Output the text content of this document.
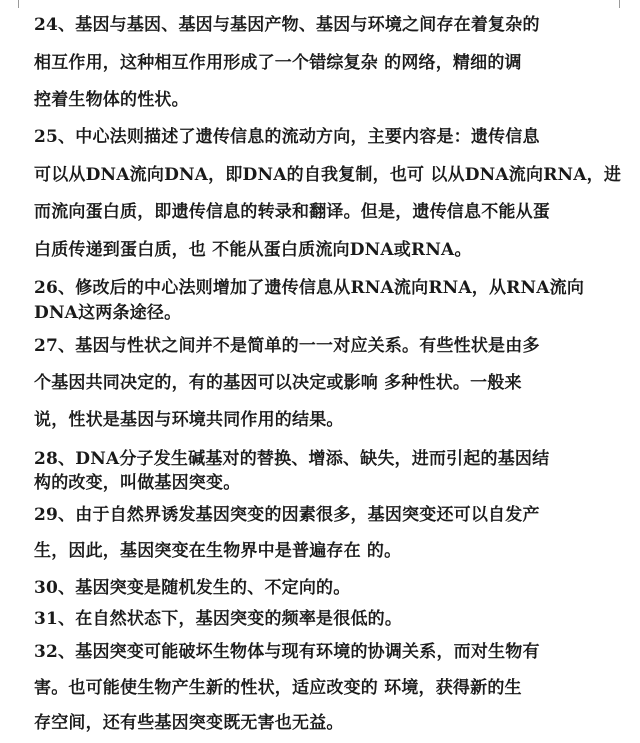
24、基因与基因、基因与基因产物、基因与环境之间存在着复杂的
相互作用，这种相互作用形成了一个错综复杂 的网络，精细的调
控着生物体的性状。
25、中心法则描述了遗传信息的流动方向，主要内容是：遗传信息
可以从DNA流向DNA，即DNA的自我复制，也可 以从DNA流向RNA，进
而流向蛋白质，即遗传信息的转录和翻译。但是，遗传信息不能从蛋
白质传递到蛋白质，也 不能从蛋白质流向DNA或RNA。
26、修改后的中心法则增加了遗传信息从RNA流向RNA，从RNA流向
DNA这两条途径。
27、基因与性状之间并不是简单的一一对应关系。有些性状是由多
个基因共同决定的，有的基因可以决定或影响 多种性状。一般来
说，性状是基因与环境共同作用的结果。
28、DNA分子发生碱基对的替换、增添、缺失，进而引起的基因结
构的改变，叫做基因突变。
29、由于自然界诱发基因突变的因素很多，基因突变还可以自发产
生，因此，基因突变在生物界中是普遍存在 的。
30、基因突变是随机发生的、不定向的。
31、在自然状态下，基因突变的频率是很低的。
32、基因突变可能破坏生物体与现有环境的协调关系，而对生物有
害。也可能使生物产生新的性状，适应改变的 环境，获得新的生
存空间，还有些基因突变既无害也无益。
